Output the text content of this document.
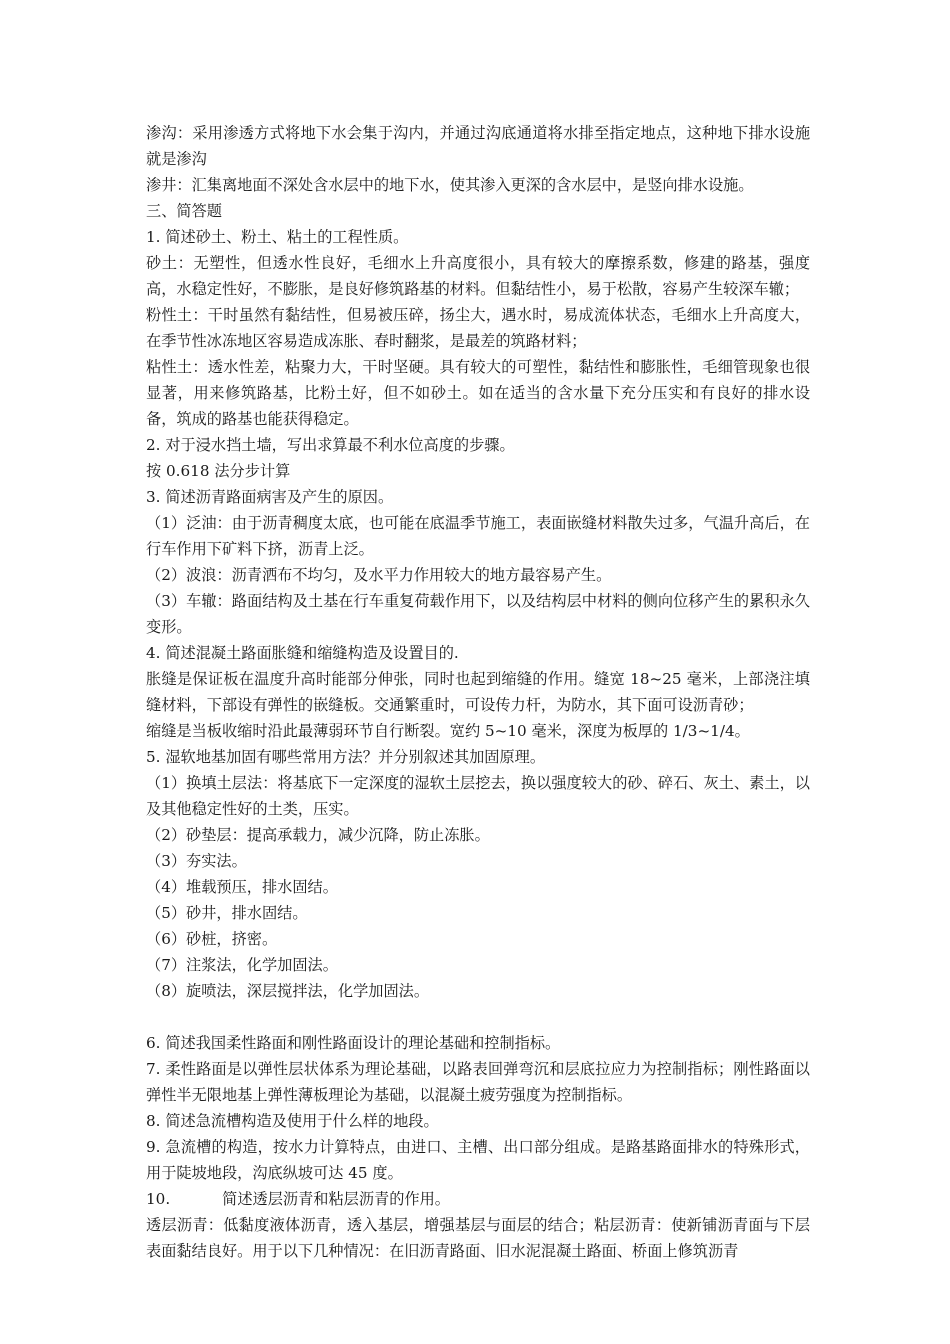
渗沟：采用渗透方式将地下水会集于沟内，并通过沟底通道将水排至指定地点，这种地下排水设施就是渗沟

渗井：汇集离地面不深处含水层中的地下水，使其渗入更深的含水层中，是竖向排水设施。

三、简答题

1. 简述砂土、粉土、粘土的工程性质。

砂土：无塑性，但透水性良好，毛细水上升高度很小，具有较大的摩擦系数，修建的路基，强度高，水稳定性好，不膨胀，是良好修筑路基的材料。但黏结性小，易于松散，容易产生较深车辙；

粉性土：干时虽然有黏结性，但易被压碎，扬尘大，遇水时，易成流体状态，毛细水上升高度大，在季节性冰冻地区容易造成冻胀、春时翻浆，是最差的筑路材料；

粘性土：透水性差，粘聚力大，干时坚硬。具有较大的可塑性，黏结性和膨胀性，毛细管现象也很显著，用来修筑路基，比粉土好，但不如砂土。如在适当的含水量下充分压实和有良好的排水设备，筑成的路基也能获得稳定。

2. 对于浸水挡土墙，写出求算最不利水位高度的步骤。

按 0.618 法分步计算

3. 简述沥青路面病害及产生的原因。

（1）泛油：由于沥青稠度太底，也可能在底温季节施工，表面嵌缝材料散失过多，气温升高后，在行车作用下矿料下挤，沥青上泛。

（2）波浪：沥青洒布不均匀，及水平力作用较大的地方最容易产生。

（3）车辙：路面结构及土基在行车重复荷载作用下，以及结构层中材料的侧向位移产生的累积永久变形。

4. 简述混凝土路面胀缝和缩缝构造及设置目的.

胀缝是保证板在温度升高时能部分伸张，同时也起到缩缝的作用。缝宽 18~25 毫米，上部浇注填缝材料，下部设有弹性的嵌缝板。交通繁重时，可设传力杆，为防水，其下面可设沥青砂；

缩缝是当板收缩时沿此最薄弱环节自行断裂。宽约 5~10 毫米，深度为板厚的 1/3~1/4。

5. 湿软地基加固有哪些常用方法？并分别叙述其加固原理。

（1）换填土层法：将基底下一定深度的湿软土层挖去，换以强度较大的砂、碎石、灰土、素土，以及其他稳定性好的土类，压实。

（2）砂垫层：提高承载力，减少沉降，防止冻胀。

（3）夯实法。

（4）堆载预压，排水固结。

（5）砂井，排水固结。

（6）砂桩，挤密。

（7）注浆法，化学加固法。

（8）旋喷法，深层搅拌法，化学加固法。

6. 简述我国柔性路面和刚性路面设计的理论基础和控制指标。

7. 柔性路面是以弹性层状体系为理论基础，以路表回弹弯沉和层底拉应力为控制指标；刚性路面以弹性半无限地基上弹性薄板理论为基础，以混凝土疲劳强度为控制指标。

8. 简述急流槽构造及使用于什么样的地段。

9. 急流槽的构造，按水力计算特点，由进口、主槽、出口部分组成。是路基路面排水的特殊形式，用于陡坡地段，沟底纵坡可达 45 度。

10.	简述透层沥青和粘层沥青的作用。

透层沥青：低黏度液体沥青，透入基层，增强基层与面层的结合；粘层沥青：使新铺沥青面与下层表面黏结良好。用于以下几种情况：在旧沥青路面、旧水泥混凝土路面、桥面上修筑沥青
